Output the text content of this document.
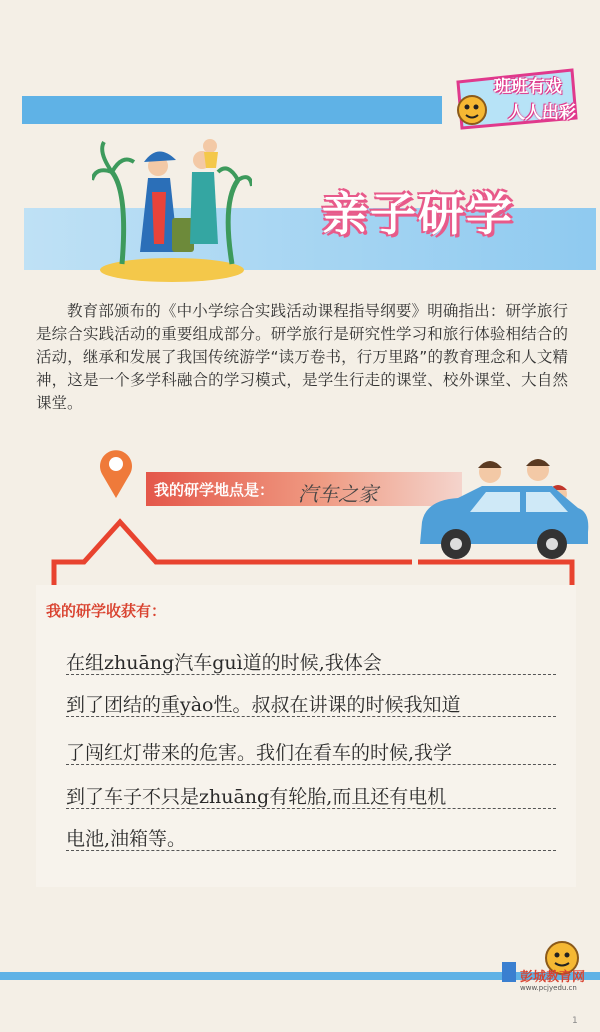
班班有戏
人人出彩
亲子研学

教育部颁布的《中小学综合实践活动课程指导纲要》明确指出：研学旅行是综合实践活动的重要组成部分。研学旅行是研究性学习和旅行体验相结合的活动，继承和发展了我国传统游学“读万卷书，行万里路”的教育理念和人文精神，这是一个多学科融合的学习模式，是学生行走的课堂、校外课堂、大自然课堂。

我的研学地点是： 汽车之家
我的研学收获有：
在组zhuāng汽车guì道的时候,我体会
到了团结的重yào性。叔叔在讲课的时候我知道
了闯红灯带来的危害。我们在看车的时候,我学
到了车子不只是zhuāng有轮胎,而且还有电机
电池,油箱等。
彭城教育网
www.pcjyedu.cn
1
